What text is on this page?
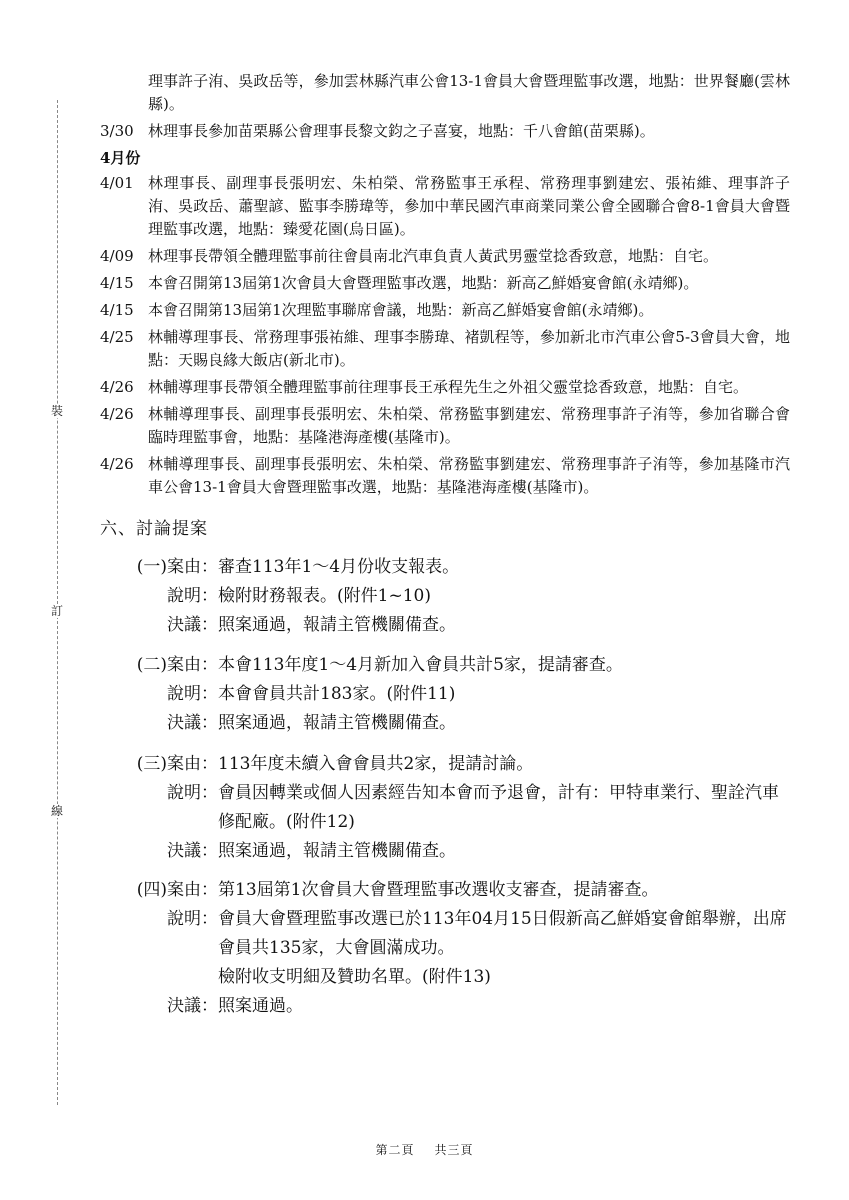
裝
訂
線
理事許子洧、吳政岳等，參加雲林縣汽車公會13-1會員大會暨理監事改選，地點：世界餐廳(雲林縣)。
3/30 林理事長參加苗栗縣公會理事長黎文鈞之子喜宴，地點：千八會館(苗栗縣)。
4月份
4/01 林理事長、副理事長張明宏、朱柏榮、常務監事王承程、常務理事劉建宏、張祐維、理事許子洧、吳政岳、蕭聖諺、監事李勝瑋等，參加中華民國汽車商業同業公會全國聯合會8-1會員大會暨理監事改選，地點：臻愛花園(烏日區)。
4/09 林理事長帶領全體理監事前往會員南北汽車負責人黃武男靈堂捻香致意，地點：自宅。
4/15 本會召開第13屆第1次會員大會暨理監事改選，地點：新高乙鮮婚宴會館(永靖鄉)。
4/15 本會召開第13屆第1次理監事聯席會議，地點：新高乙鮮婚宴會館(永靖鄉)。
4/25 林輔導理事長、常務理事張祐維、理事李勝瑋、褚凱程等，參加新北市汽車公會5-3會員大會，地點：天賜良緣大飯店(新北市)。
4/26 林輔導理事長帶領全體理監事前往理事長王承程先生之外祖父靈堂捻香致意，地點：自宅。
4/26 林輔導理事長、副理事長張明宏、朱柏榮、常務監事劉建宏、常務理事許子洧等，參加省聯合會臨時理監事會，地點：基隆港海產樓(基隆市)。
4/26 林輔導理事長、副理事長張明宏、朱柏榮、常務監事劉建宏、常務理事許子洧等，參加基隆市汽車公會13-1會員大會暨理監事改選，地點：基隆港海產樓(基隆市)。
六、討論提案
(一)案由： 審查113年1～4月份收支報表。
說明： 檢附財務報表。(附件1~10)
決議： 照案通過，報請主管機關備查。
(二)案由： 本會113年度1～4月新加入會員共計5家，提請審查。
說明： 本會會員共計183家。(附件11)
決議： 照案通過，報請主管機關備查。
(三)案由： 113年度未續入會會員共2家，提請討論。
說明： 會員因轉業或個人因素經告知本會而予退會，計有：甲特車業行、聖詮汽車修配廠。(附件12)
決議： 照案通過，報請主管機關備查。
(四)案由： 第13屆第1次會員大會暨理監事改選收支審查，提請審查。
說明： 會員大會暨理監事改選已於113年04月15日假新高乙鮮婚宴會館舉辦，出席會員共135家，大會圓滿成功。
檢附收支明細及贊助名單。(附件13)
決議： 照案通過。
第二頁 共三頁
